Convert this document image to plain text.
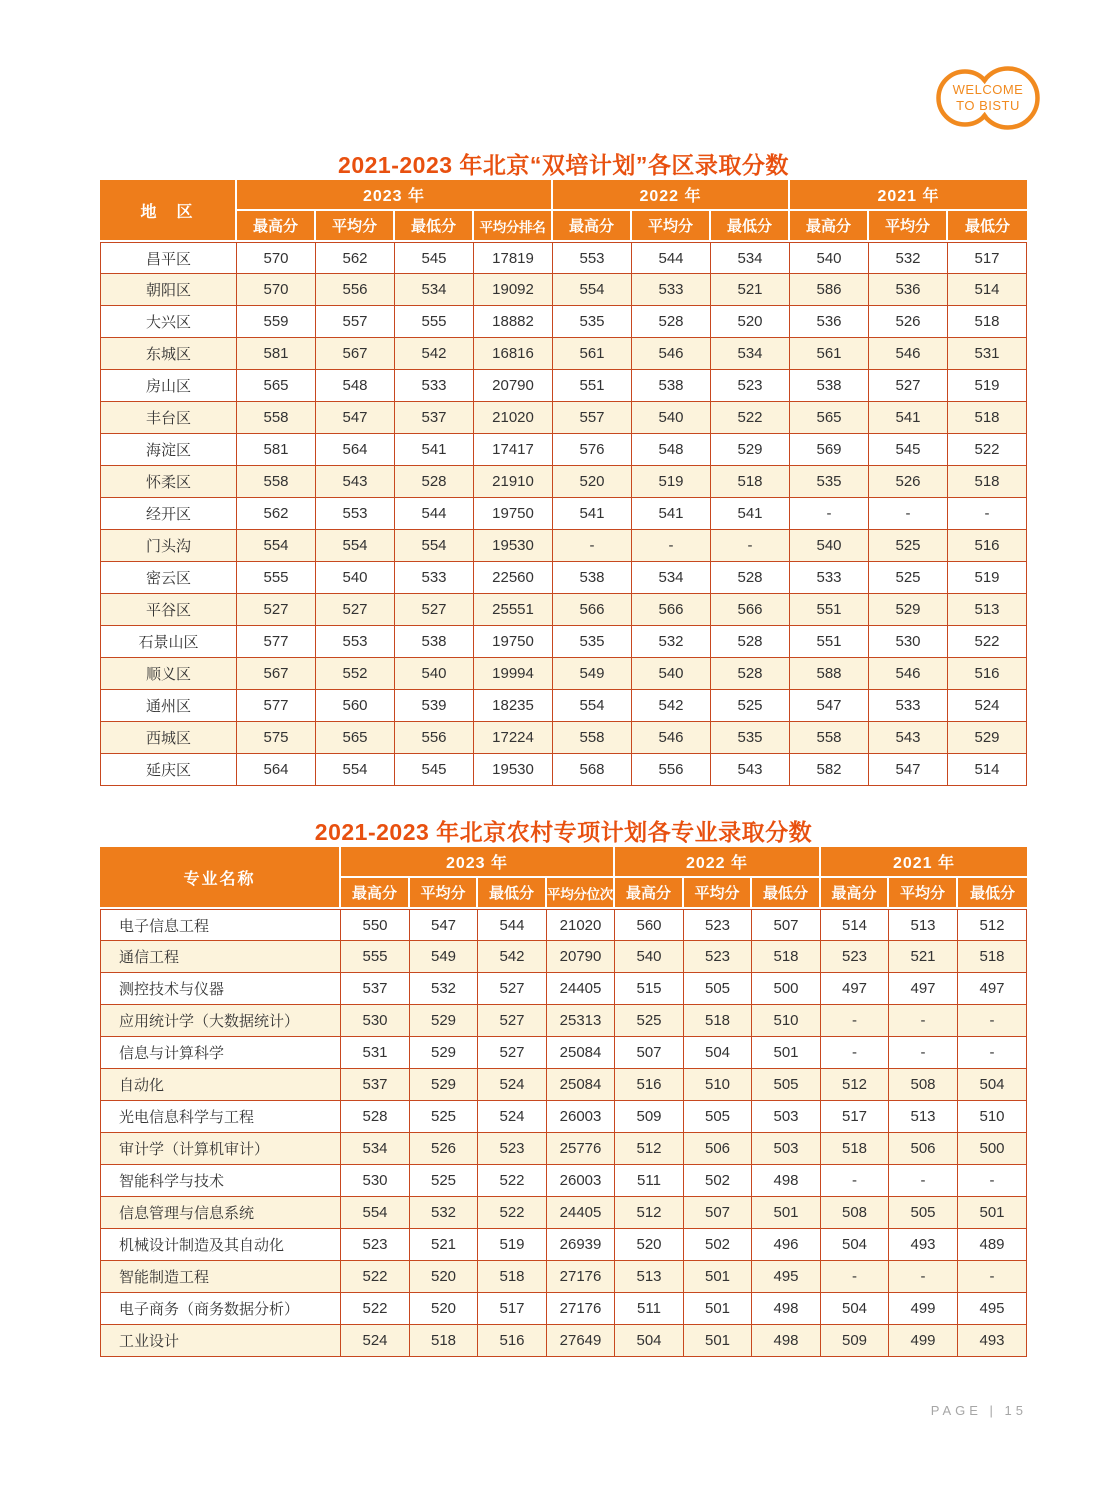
WELCOME
TO BISTU
2021-2023 年北京“双培计划”各区录取分数
地　区	2023 年				2022 年			2021 年		
	最高分	平均分	最低分	平均分排名	最高分	平均分	最低分	最高分	平均分	最低分
昌平区	570	562	545	17819	553	544	534	540	532	517
朝阳区	570	556	534	19092	554	533	521	586	536	514
大兴区	559	557	555	18882	535	528	520	536	526	518
东城区	581	567	542	16816	561	546	534	561	546	531
房山区	565	548	533	20790	551	538	523	538	527	519
丰台区	558	547	537	21020	557	540	522	565	541	518
海淀区	581	564	541	17417	576	548	529	569	545	522
怀柔区	558	543	528	21910	520	519	518	535	526	518
经开区	562	553	544	19750	541	541	541	-	-	-
门头沟	554	554	554	19530	-	-	-	540	525	516
密云区	555	540	533	22560	538	534	528	533	525	519
平谷区	527	527	527	25551	566	566	566	551	529	513
石景山区	577	553	538	19750	535	532	528	551	530	522
顺义区	567	552	540	19994	549	540	528	588	546	516
通州区	577	560	539	18235	554	542	525	547	533	524
西城区	575	565	556	17224	558	546	535	558	543	529
延庆区	564	554	545	19530	568	556	543	582	547	514
2021-2023 年北京农村专项计划各专业录取分数
专业名称	2023 年				2022 年			2021 年		
	最高分	平均分	最低分	平均分位次	最高分	平均分	最低分	最高分	平均分	最低分
电子信息工程	550	547	544	21020	560	523	507	514	513	512
通信工程	555	549	542	20790	540	523	518	523	521	518
测控技术与仪器	537	532	527	24405	515	505	500	497	497	497
应用统计学（大数据统计）	530	529	527	25313	525	518	510	-	-	-
信息与计算科学	531	529	527	25084	507	504	501	-	-	-
自动化	537	529	524	25084	516	510	505	512	508	504
光电信息科学与工程	528	525	524	26003	509	505	503	517	513	510
审计学（计算机审计）	534	526	523	25776	512	506	503	518	506	500
智能科学与技术	530	525	522	26003	511	502	498	-	-	-
信息管理与信息系统	554	532	522	24405	512	507	501	508	505	501
机械设计制造及其自动化	523	521	519	26939	520	502	496	504	493	489
智能制造工程	522	520	518	27176	513	501	495	-	-	-
电子商务（商务数据分析）	522	520	517	27176	511	501	498	504	499	495
工业设计	524	518	516	27649	504	501	498	509	499	493
PAGE | 15
